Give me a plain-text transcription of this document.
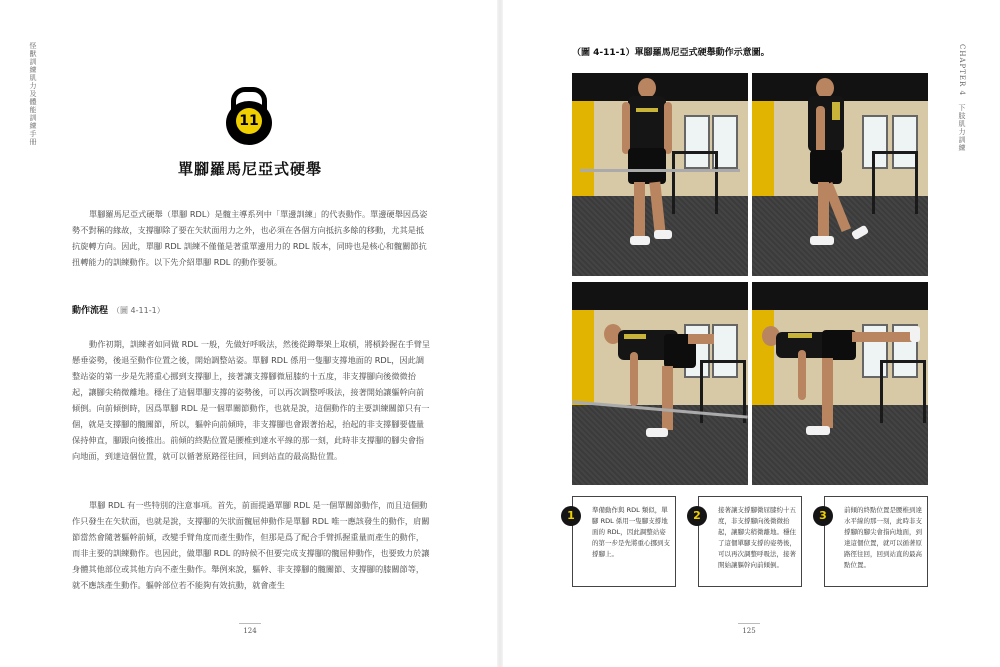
怪獸訓練肌力及體能訓練手冊	11
單腳羅馬尼亞式硬舉

單腳羅馬尼亞式硬舉（單腳 RDL）是髖主導系列中「單邊訓練」的代表動作。單邊硬舉因爲姿勢不對稱的緣故，支撐腳除了要在矢狀面用力之外，也必須在各個方向抵抗多餘的移動，尤其是抵抗旋轉方向。因此，單腳 RDL 訓練不僅僅是著重單邊用力的 RDL 版本，同時也是核心和髖關節抗扭轉能力的訓練動作。以下先介紹單腳 RDL 的動作要領。

動作流程 （圖 4-11-1）

動作初期，訓練者如同做 RDL 一般，先做好呼吸法，然後從蹲舉架上取槓，將槓鈴握在手臂呈懸垂姿勢，後退至動作位置之後，開始調整站姿。單腳 RDL 係用一隻腳支撐地面的 RDL，因此調整站姿的第一步是先將重心挪到支撐腳上，接著讓支撐腳微屈膝約十五度，非支撐腳向後微微抬起，讓腳尖稍微離地。穩住了這個單腳支撐的姿勢後，可以再次調整呼吸法，接著開始讓軀幹向前傾倒。向前傾倒時，因爲單腳 RDL 是一個單關節動作，也就是說，這個動作的主要訓練關節只有一個，就是支撐腳的髖關節，所以，軀幹向前傾時，非支撐腳也會跟著抬起，抬起的非支撐腳要儘量保持伸直，腳跟向後推出。前傾的終點位置是腰椎到達水平線的那一刻，此時非支撐腳的腳尖會指向地面，到達這個位置，就可以循著原路徑往回，回到站直的最高點位置。

單腳 RDL 有一些特別的注意事項。首先，前面提過單腳 RDL 是一個單關節動作，而且這個動作只發生在矢狀面，也就是說，支撐腳的矢狀面髖屈伸動作是單腳 RDL 唯一應該發生的動作，肩關節當然會隨著軀幹前傾，改變手臂角度而產生動作，但那是爲了配合手臂抓握重量而產生的動作，而非主要的訓練動作。也因此，做單腳 RDL 的時候不但要完成支撐腳的髖屈伸動作，也要致力於讓身體其他部位或其他方向不產生動作。舉例來說，軀幹、非支撐腳的髖關節、支撐腳的膝關節等，就不應該產生動作。軀幹部位若不能夠有效抗動，就會產生

124
CHAPTER 4　下肢肌力訓練
（圖 4-11-1）單腳羅馬尼亞式硬舉動作示意圖。
1	準備動作與 RDL 類似，單腳 RDL 係用一隻腳支撐地面的 RDL，因此調整站姿的第一步是先將重心挪到支撐腳上。
2	接著讓支撐腳微屈膝約十五度，非支撐腳向後微微抬起，讓腳尖稍微離地。穩住了這個單腳支撐的姿勢後，可以再次調整呼吸法，接著開始讓軀幹向前傾倒。
3	前傾的終點位置是腰椎到達水平線的那一刻，此時非支撐腳的腳尖會指向地面，到達這個位置，就可以循著原路徑往回，回到站直的最高點位置。
125
